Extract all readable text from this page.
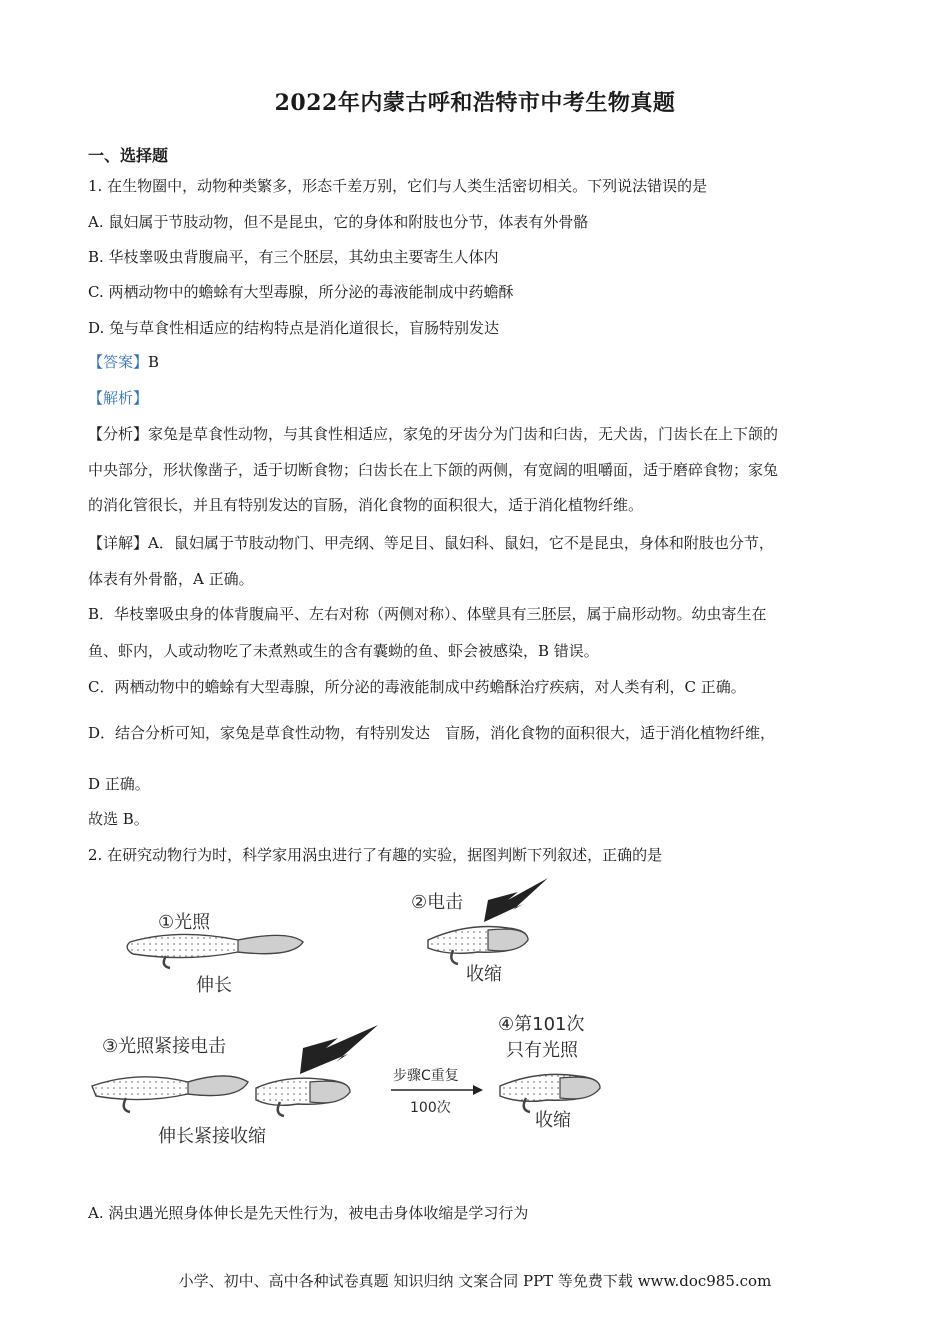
2022年内蒙古呼和浩特市中考生物真题
一、选择题
1. 在生物圈中，动物种类繁多，形态千差万别，它们与人类生活密切相关。下列说法错误的是
A. 鼠妇属于节肢动物，但不是昆虫，它的身体和附肢也分节，体表有外骨骼
B. 华枝睾吸虫背腹扁平，有三个胚层，其幼虫主要寄生人体内
C. 两栖动物中的蟾蜍有大型毒腺，所分泌的毒液能制成中药蟾酥
D. 兔与草食性相适应的结构特点是消化道很长，盲肠特别发达
【答案】B
【解析】
【分析】家兔是草食性动物，与其食性相适应，家兔的牙齿分为门齿和臼齿，无犬齿，门齿长在上下颌的
中央部分，形状像凿子，适于切断食物；臼齿长在上下颌的两侧，有宽阔的咀嚼面，适于磨碎食物；家兔
的消化管很长，并且有特别发达的盲肠，消化食物的面积很大，适于消化植物纤维。
【详解】A．鼠妇属于节肢动物门、甲壳纲、等足目、鼠妇科、鼠妇，它不是昆虫，身体和附肢也分节，
体表有外骨骼，A 正确。
B．华枝睾吸虫身的体背腹扁平、左右对称（两侧对称）、体壁具有三胚层，属于扁形动物。幼虫寄生在
鱼、虾内，人或动物吃了未煮熟或生的含有囊蚴的鱼、虾会被感染，B 错误。
C．两栖动物中的蟾蜍有大型毒腺，所分泌的毒液能制成中药蟾酥治疗疾病，对人类有利，C 正确。
D．结合分析可知，家兔是草食性动物，有特别发达　盲肠，消化食物的面积很大，适于消化植物纤维，
D 正确。
故选 B。
2. 在研究动物行为时，科学家用涡虫进行了有趣的实验，据图判断下列叙述，正确的是
①光照
伸长
②电击
收缩
③光照紧接电击
伸长紧接收缩
步骤C重复
100次
④第101次
只有光照
收缩
A. 涡虫遇光照身体伸长是先天性行为，被电击身体收缩是学习行为
小学、初中、高中各种试卷真题 知识归纳 文案合同 PPT 等免费下载 www.doc985.com
